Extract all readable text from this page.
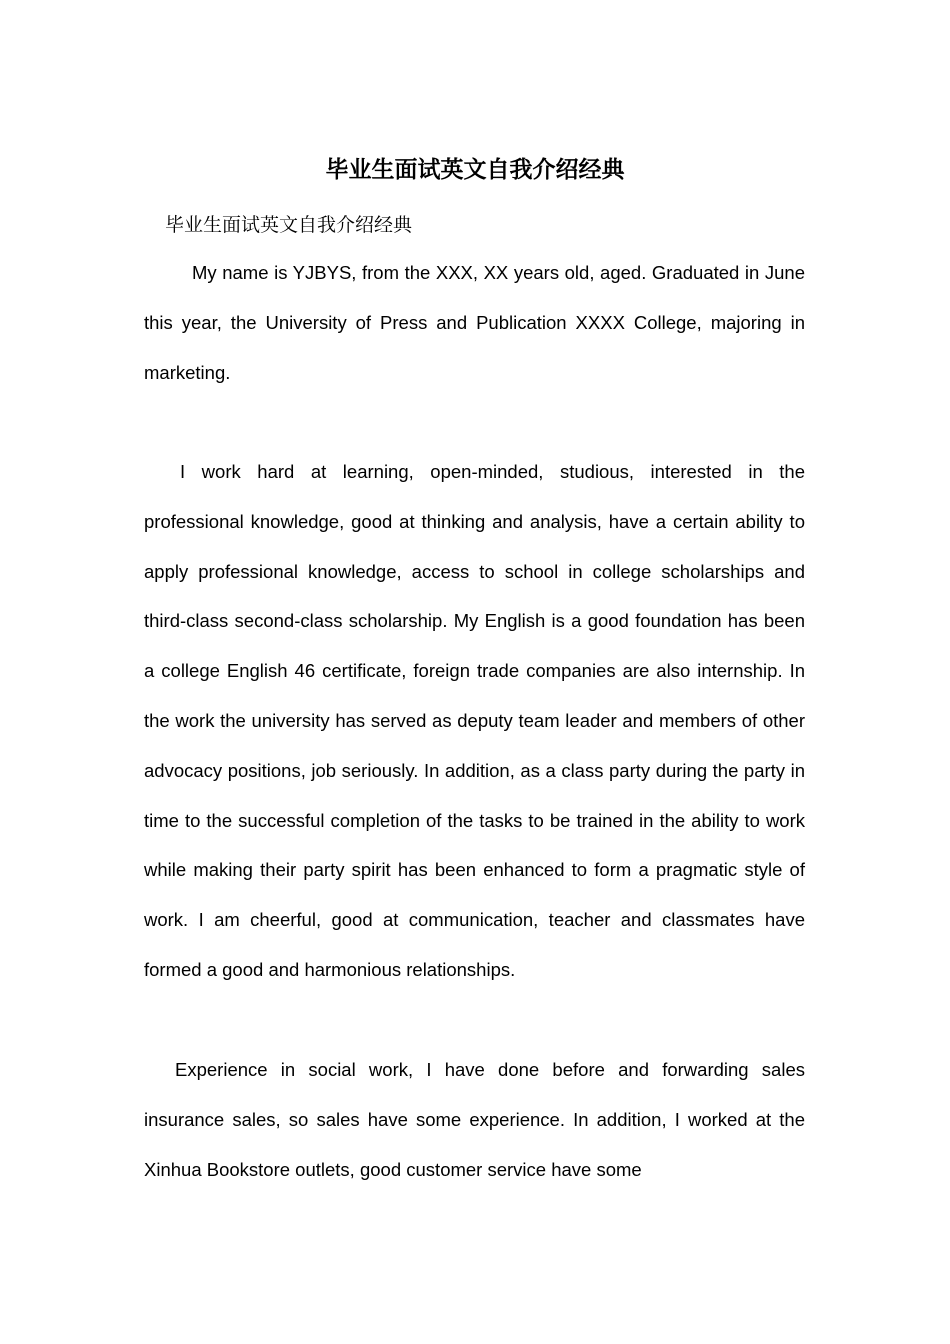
毕业生面试英文自我介绍经典

毕业生面试英文自我介绍经典

My name is YJBYS, from the XXX, XX years old, aged. Graduated in June this year, the University of Press and Publication XXXX College, majoring in marketing.

I work hard at learning, open-minded, studious, interested in the professional knowledge, good at thinking and analysis, have a certain ability to apply professional knowledge, access to school in college scholarships and third-class second-class scholarship. My English is a good foundation has been a college English 46 certificate, foreign trade companies are also internship. In the work the university has served as deputy team leader and members of other advocacy positions, job seriously. In addition, as a class party during the party in time to the successful completion of the tasks to be trained in the ability to work while making their party spirit has been enhanced to form a pragmatic style of work. I am cheerful, good at communication, teacher and classmates have formed a good and harmonious relationships.

Experience in social work, I have done before and forwarding sales insurance sales, so sales have some experience. In addition, I worked at the Xinhua Bookstore outlets, good customer service have some
